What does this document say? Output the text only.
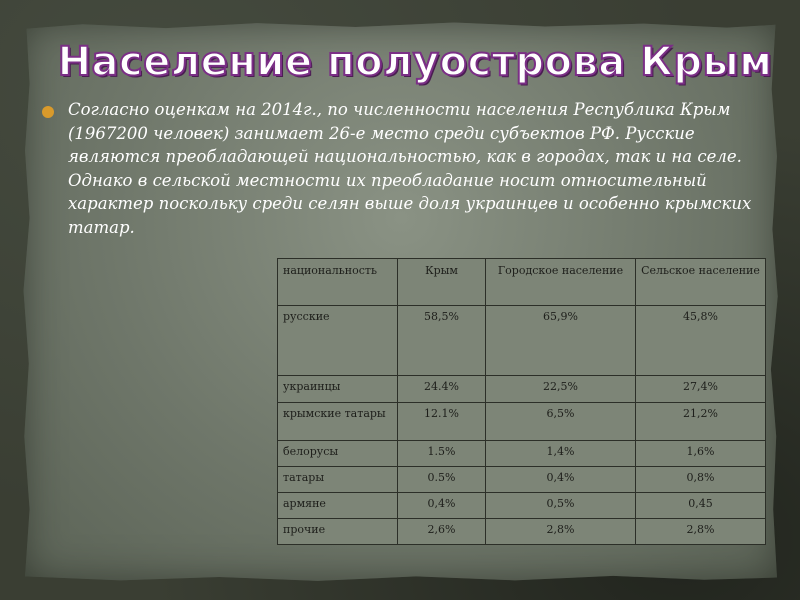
Население полуострова Крым

Согласно оценкам на 2014г., по численности населения Республика Крым (1967200 человек) занимает 26-е место среди субъектов РФ. Русские являются преобладающей национальностью, как в городах, так и на селе. Однако в сельской местности их преобладание носит относительный характер поскольку среди селян выше доля украинцев и особенно крымских татар.

национальность	Крым	Городское население	Сельское население
русские	58,5%	65,9%	45,8%
украинцы	24.4%	22,5%	27,4%
крымские татары	12.1%	6,5%	21,2%
белорусы	1.5%	1,4%	1,6%
татары	0.5%	0,4%	0,8%
армяне	0,4%	0,5%	0,45
прочие	2,6%	2,8%	2,8%
